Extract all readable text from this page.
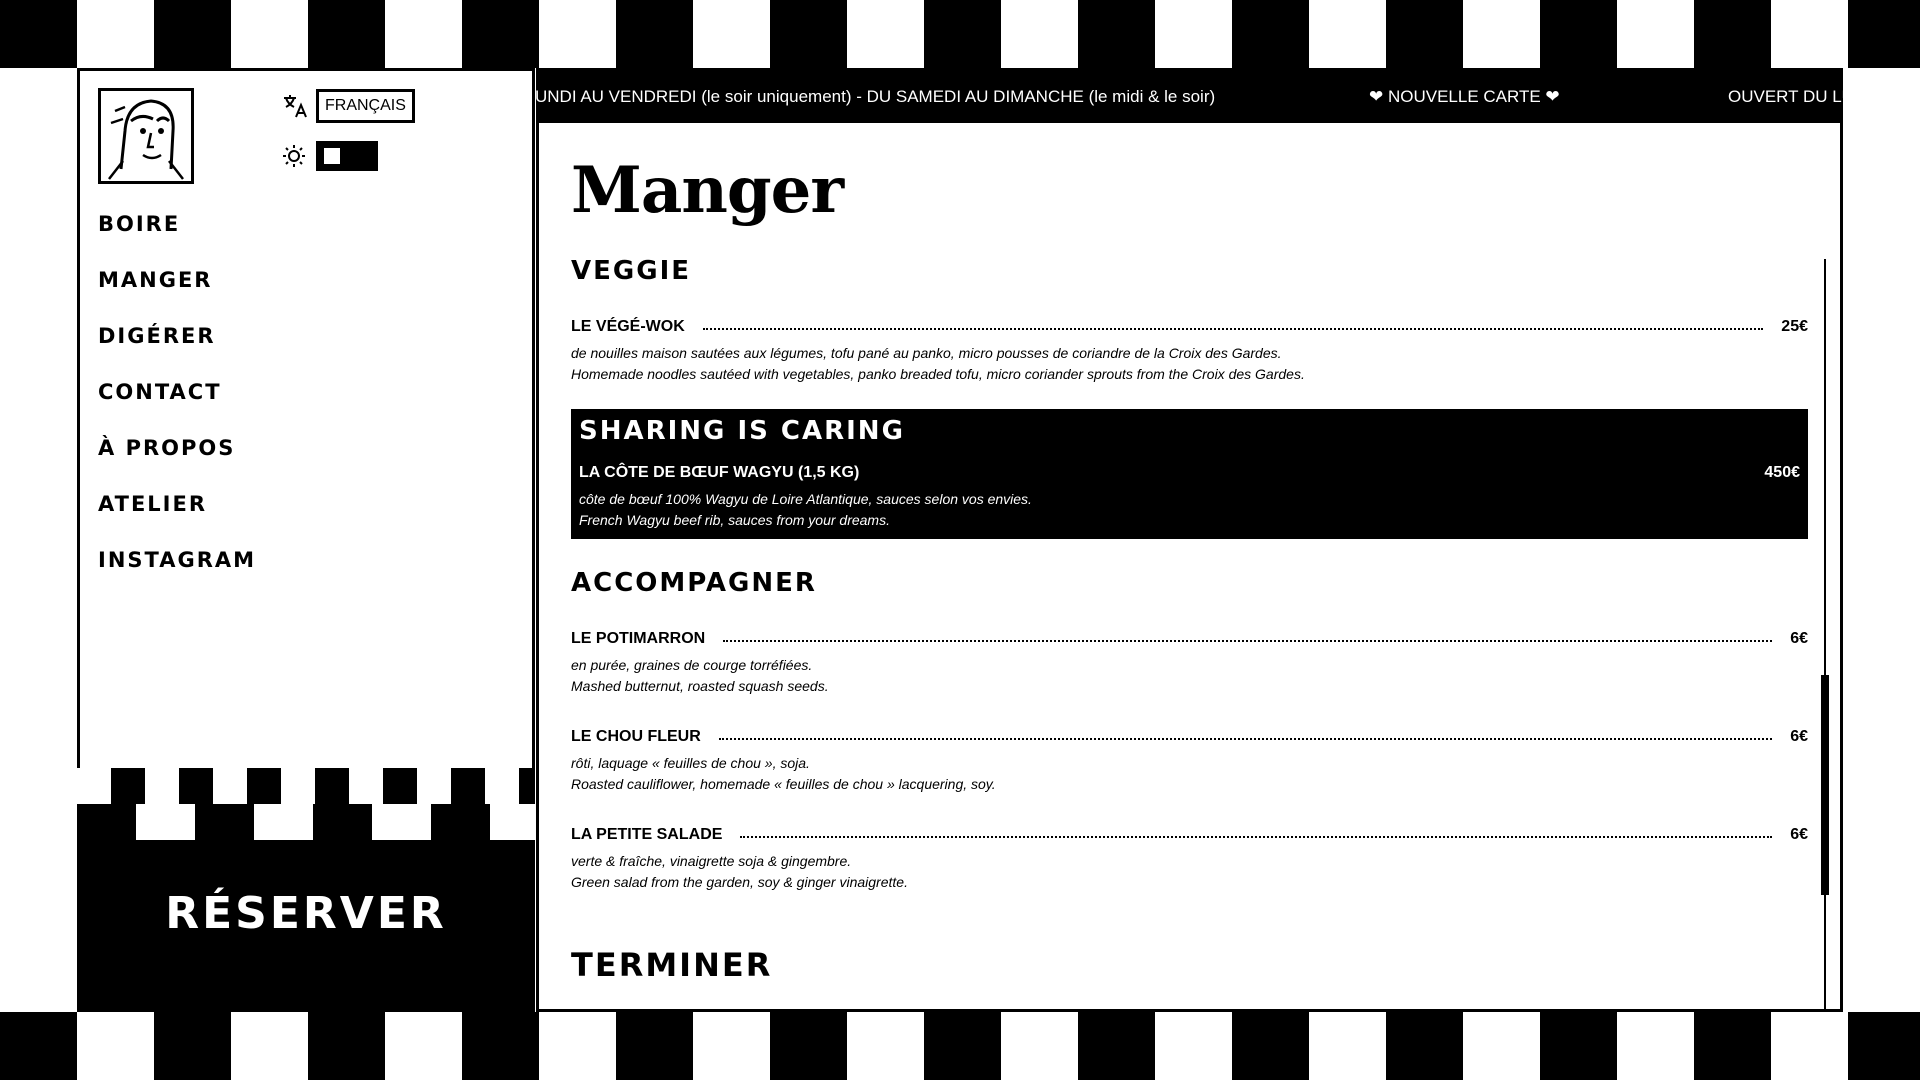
FRANÇAIS
BOIRE
MANGER
DIGÉRER
CONTACT
À PROPOS
ATELIER
INSTAGRAM
RÉSERVER
UNDI AU VENDREDI (le soir uniquement) - DU SAMEDI AU DIMANCHE (le midi & le soir)	❤ NOUVELLE CARTE ❤	OUVERT DU LU
Manger
VEGGIE
LE VÉGÉ-WOK	25€
de nouilles maison sautées aux légumes, tofu pané au panko, micro pousses de coriandre de la Croix des Gardes.
Homemade noodles sautéed with vegetables, panko breaded tofu, micro coriander sprouts from the Croix des Gardes.
SHARING IS CARING
LA CÔTE DE BŒUF WAGYU (1,5 KG)	450€
côte de bœuf 100% Wagyu de Loire Atlantique, sauces selon vos envies.
French Wagyu beef rib, sauces from your dreams.
ACCOMPAGNER
LE POTIMARRON	6€
en purée, graines de courge torréfiées.
Mashed butternut, roasted squash seeds.
LE CHOU FLEUR	6€
rôti, laquage « feuilles de chou », soja.
Roasted cauliflower, homemade « feuilles de chou » lacquering, soy.
LA PETITE SALADE	6€
verte & fraîche, vinaigrette soja & gingembre.
Green salad from the garden, soy & ginger vinaigrette.
TERMINER
